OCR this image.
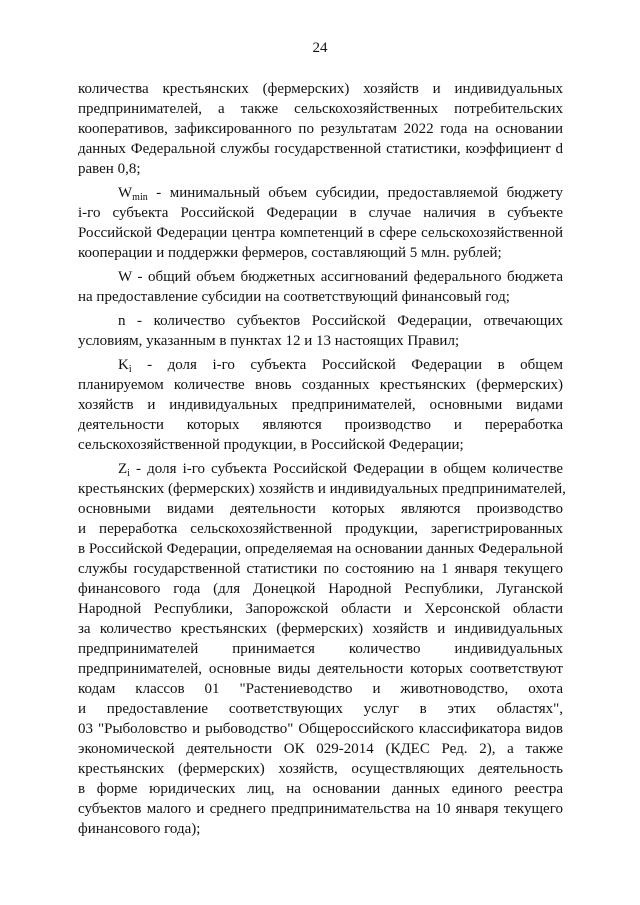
24

количества крестьянских (фермерских) хозяйств и индивидуальных

предпринимателей, а также сельскохозяйственных потребительских

кооперативов, зафиксированного по результатам 2022 года на основании

данных Федеральной службы государственной статистики, коэффициент d

равен 0,8;

$W_{min}$ - минимальный объем субсидии, предоставляемой бюджету

i-го субъекта Российской Федерации в случае наличия в субъекте

Российской Федерации центра компетенций в сфере сельскохозяйственной

кооперации и поддержки фермеров, составляющий 5 млн. рублей;

W - общий объем бюджетных ассигнований федерального бюджета

на предоставление субсидии на соответствующий финансовый год;

n - количество субъектов Российской Федерации, отвечающих

условиям, указанным в пунктах 12 и 13 настоящих Правил;

$K_i$ - доля i-го субъекта Российской Федерации в общем

планируемом количестве вновь созданных крестьянских (фермерских)

хозяйств и индивидуальных предпринимателей, основными видами

деятельности которых являются производство и переработка

сельскохозяйственной продукции, в Российской Федерации;

$Z_i$ - доля i-го субъекта Российской Федерации в общем количестве

крестьянских (фермерских) хозяйств и индивидуальных предпринимателей,

основными видами деятельности которых являются производство

и переработка сельскохозяйственной продукции, зарегистрированных

в Российской Федерации, определяемая на основании данных Федеральной

службы государственной статистики по состоянию на 1 января текущего

финансового года (для Донецкой Народной Республики, Луганской

Народной Республики, Запорожской области и Херсонской области

за количество крестьянских (фермерских) хозяйств и индивидуальных

предпринимателей принимается количество индивидуальных

предпринимателей, основные виды деятельности которых соответствуют

кодам классов 01 "Растениеводство и животноводство, охота

и предоставление соответствующих услуг в этих областях",

03 "Рыболовство и рыбоводство" Общероссийского классификатора видов

экономической деятельности ОК 029-2014 (КДЕС Ред. 2), а также

крестьянских (фермерских) хозяйств, осуществляющих деятельность

в форме юридических лиц, на основании данных единого реестра

субъектов малого и среднего предпринимательства на 10 января текущего

финансового года);
